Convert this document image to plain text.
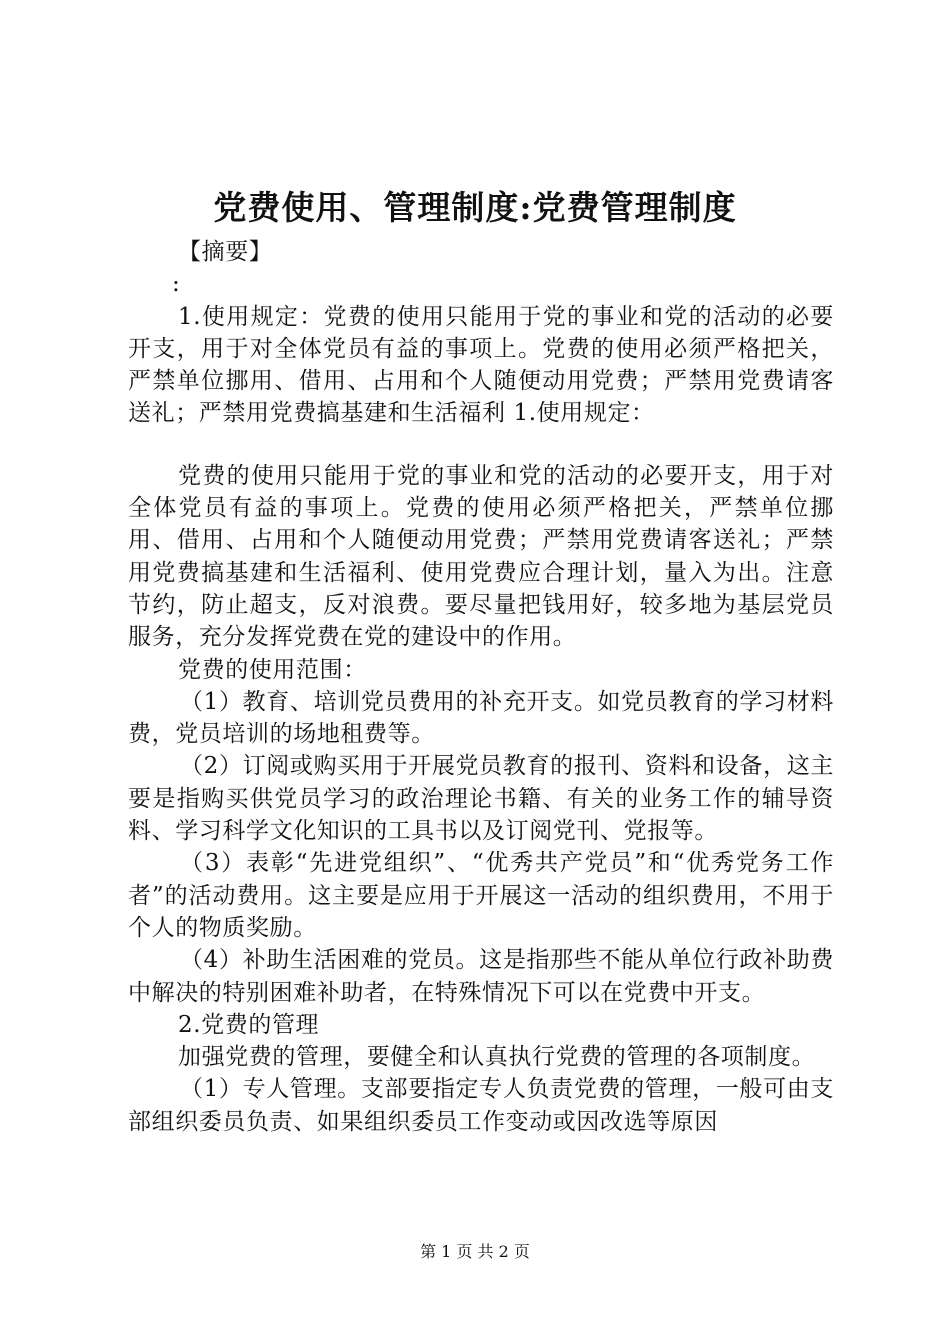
党费使用、管理制度:党费管理制度

【摘要】

:

1.使用规定：党费的使用只能用于党的事业和党的活动的必要开支，用于对全体党员有益的事项上。党费的使用必须严格把关，严禁单位挪用、借用、占用和个人随便动用党费；严禁用党费请客送礼；严禁用党费搞基建和生活福利 1.使用规定：

党费的使用只能用于党的事业和党的活动的必要开支，用于对全体党员有益的事项上。党费的使用必须严格把关，严禁单位挪用、借用、占用和个人随便动用党费；严禁用党费请客送礼；严禁用党费搞基建和生活福利、使用党费应合理计划，量入为出。注意节约，防止超支，反对浪费。要尽量把钱用好，较多地为基层党员服务，充分发挥党费在党的建设中的作用。

党费的使用范围：

（1）教育、培训党员费用的补充开支。如党员教育的学习材料费，党员培训的场地租费等。

（2）订阅或购买用于开展党员教育的报刊、资料和设备，这主要是指购买供党员学习的政治理论书籍、有关的业务工作的辅导资料、学习科学文化知识的工具书以及订阅党刊、党报等。

（3）表彰“先进党组织”、“优秀共产党员”和“优秀党务工作者”的活动费用。这主要是应用于开展这一活动的组织费用，不用于个人的物质奖励。

（4）补助生活困难的党员。这是指那些不能从单位行政补助费中解决的特别困难补助者，在特殊情况下可以在党费中开支。

2.党费的管理

加强党费的管理，要健全和认真执行党费的管理的各项制度。

（1）专人管理。支部要指定专人负责党费的管理，一般可由支部组织委员负责、如果组织委员工作变动或因改选等原因

第 1 页 共 2 页
